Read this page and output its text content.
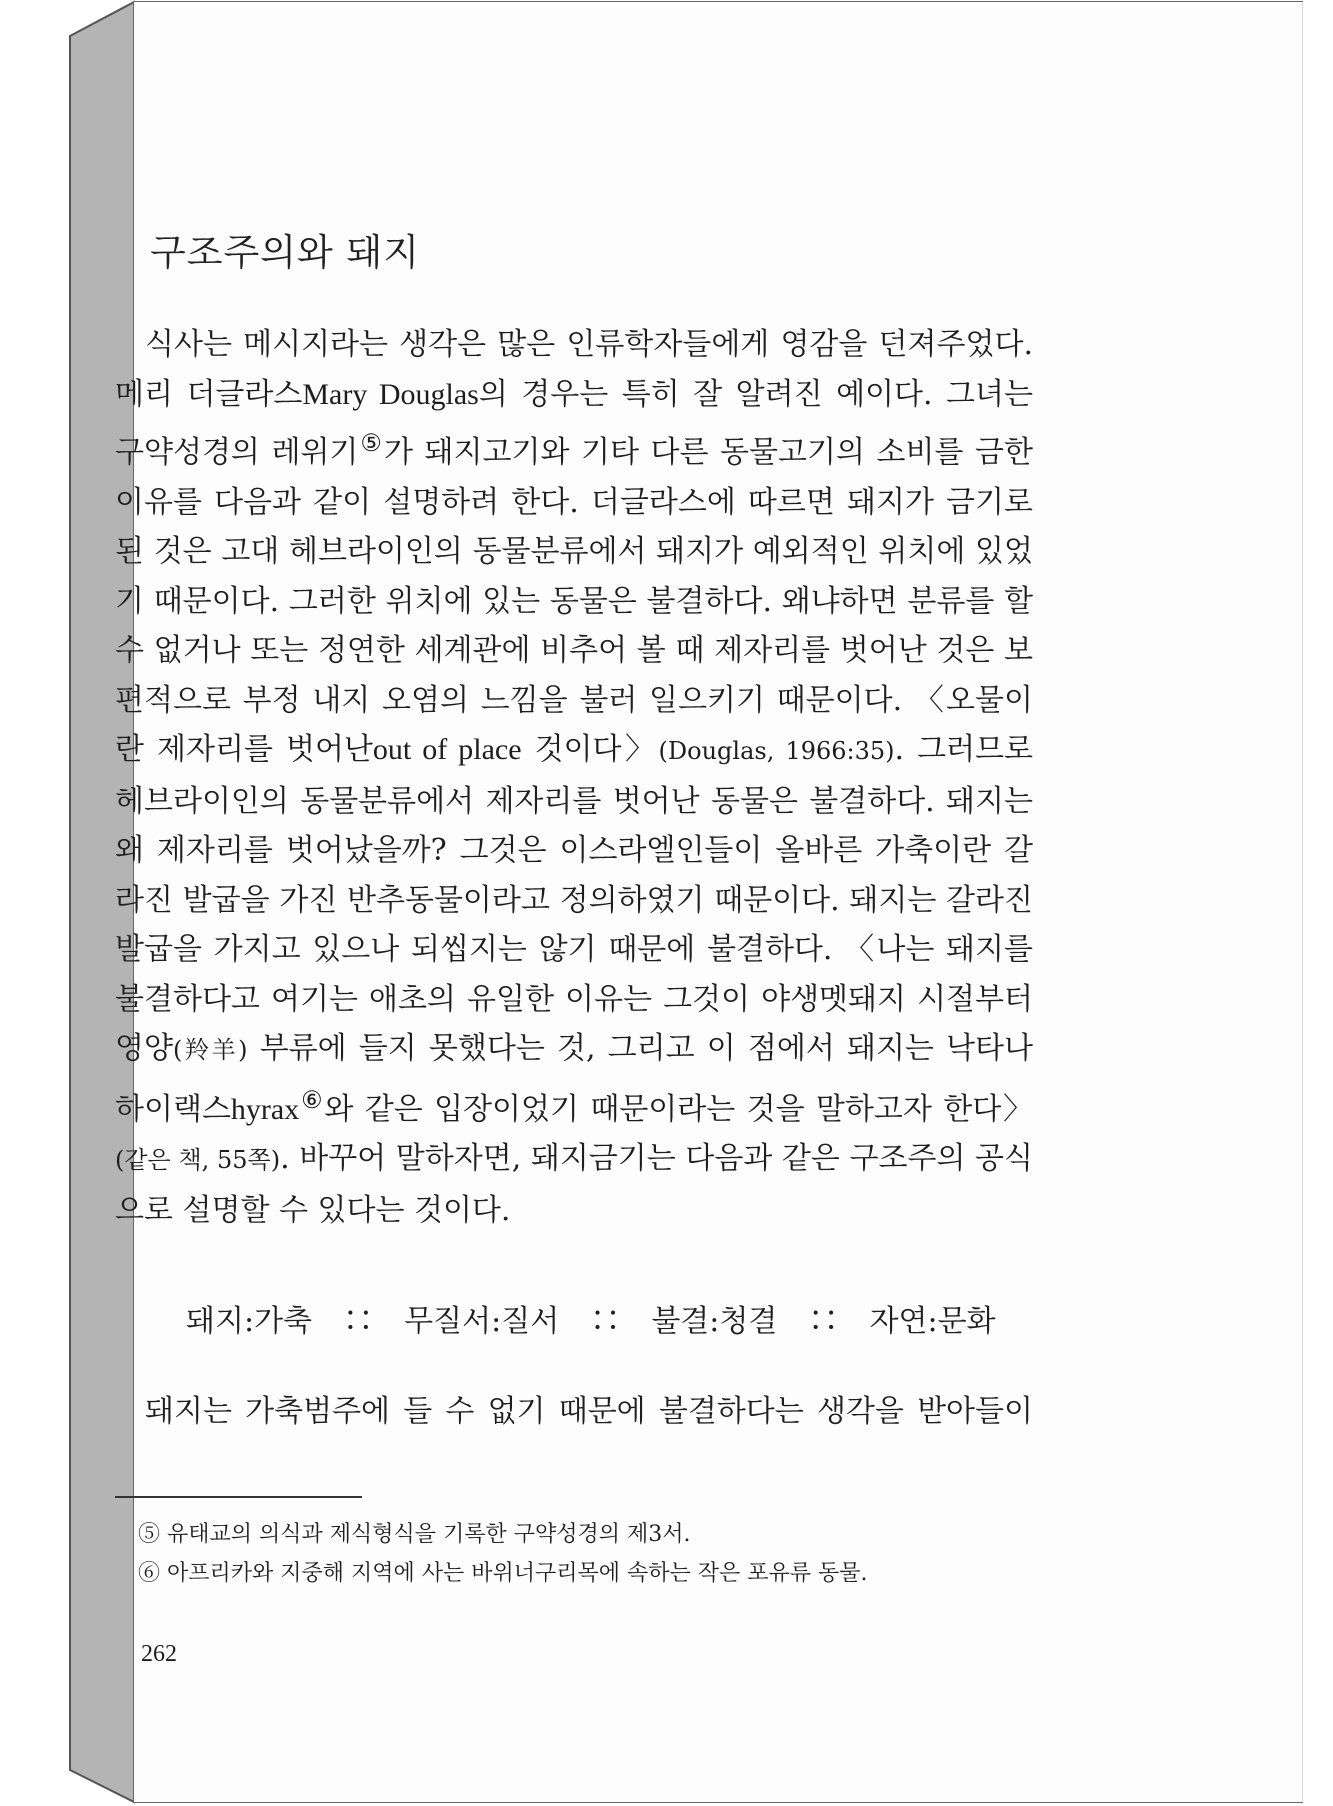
구조주의와 돼지

식사는 메시지라는 생각은 많은 인류학자들에게 영감을 던져주었다. 메리 더글라스Mary Douglas의 경우는 특히 잘 알려진 예이다. 그녀는 구약성경의 레위기⑤가 돼지고기와 기타 다른 동물고기의 소비를 금한 이유를 다음과 같이 설명하려 한다. 더글라스에 따르면 돼지가 금기로 된 것은 고대 헤브라이인의 동물분류에서 돼지가 예외적인 위치에 있었기 때문이다. 그러한 위치에 있는 동물은 불결하다. 왜냐하면 분류를 할 수 없거나 또는 정연한 세계관에 비추어 볼 때 제자리를 벗어난 것은 보편적으로 부정 내지 오염의 느낌을 불러 일으키기 때문이다. 〈오물이란 제자리를 벗어난out of place 것이다〉(Douglas, 1966:35). 그러므로 헤브라이인의 동물분류에서 제자리를 벗어난 동물은 불결하다. 돼지는 왜 제자리를 벗어났을까? 그것은 이스라엘인들이 올바른 가축이란 갈라진 발굽을 가진 반추동물이라고 정의하였기 때문이다. 돼지는 갈라진 발굽을 가지고 있으나 되씹지는 않기 때문에 불결하다. 〈나는 돼지를 불결하다고 여기는 애초의 유일한 이유는 그것이 야생멧돼지 시절부터 영양(羚羊) 부류에 들지 못했다는 것, 그리고 이 점에서 돼지는 낙타나 하이랙스hyrax⑥와 같은 입장이었기 때문이라는 것을 말하고자 한다〉(같은 책, 55쪽). 바꾸어 말하자면, 돼지금기는 다음과 같은 구조주의 공식으로 설명할 수 있다는 것이다.

돼지:가축  ∷  무질서:질서  ∷  불결:청결  ∷  자연:문화

돼지는 가축범주에 들 수 없기 때문에 불결하다는 생각을 받아들이

⑤ 유태교의 의식과 제식형식을 기록한 구약성경의 제3서.

⑥ 아프리카와 지중해 지역에 사는 바위너구리목에 속하는 작은 포유류 동물.

262
